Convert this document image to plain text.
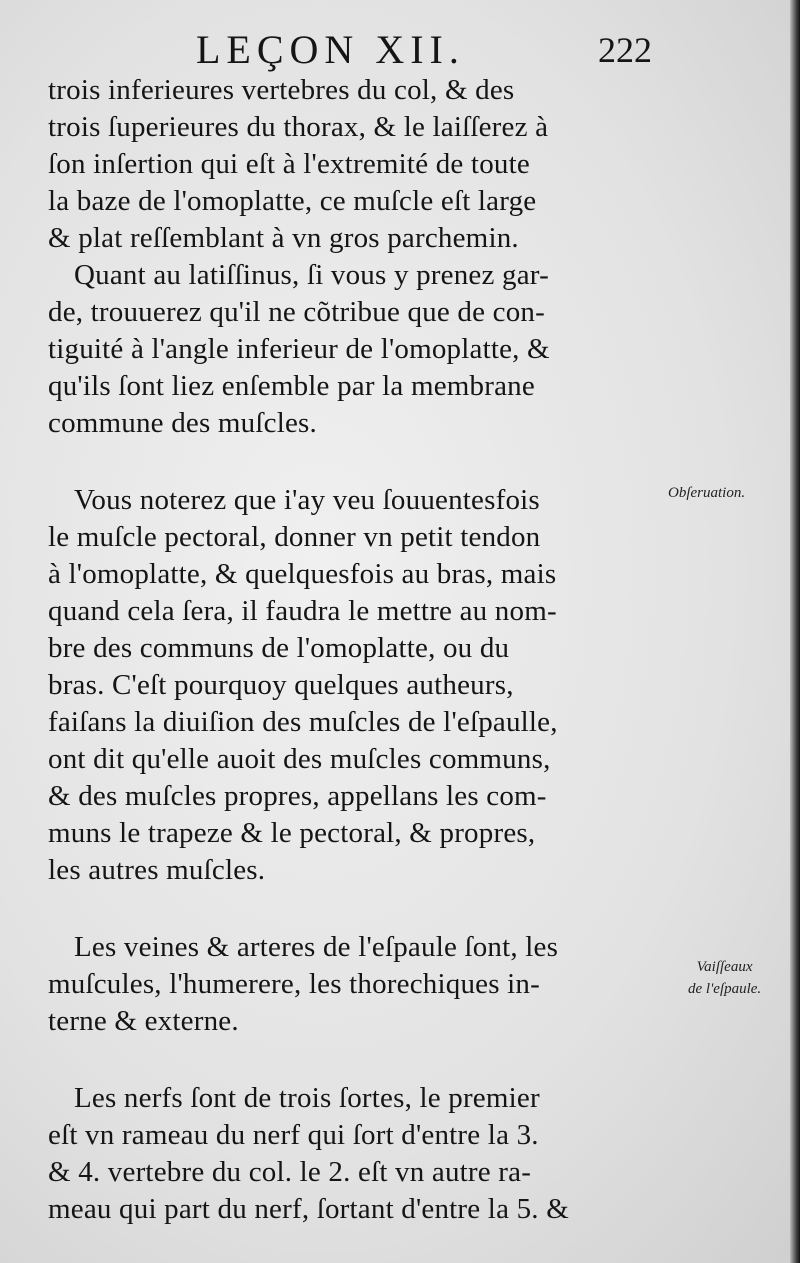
LEÇON XII.	222
trois inferieures vertebres du col, & des
trois ſuperieures du thorax, & le laiſſerez à
ſon inſertion qui eſt à l'extremité de toute
la baze de l'omoplatte, ce muſcle eſt large
& plat reſſemblant à vn gros parchemin.
Quant au latiſſinus, ſi vous y prenez gar-
de, trouuerez qu'il ne cõtribue que de con-
tiguité à l'angle inferieur de l'omoplatte, &
qu'ils ſont liez enſemble par la membrane
commune des muſcles.
Vous noterez que i'ay veu ſouuentesfois
le muſcle pectoral, donner vn petit tendon
à l'omoplatte, & quelquesfois au bras, mais
quand cela ſera, il faudra le mettre au nom-
bre des communs de l'omoplatte, ou du
bras. C'eſt pourquoy quelques autheurs,
faiſans la diuiſion des muſcles de l'eſpaulle,
ont dit qu'elle auoit des muſcles communs,
& des muſcles propres, appellans les com-
muns le trapeze & le pectoral, & propres,
les autres muſcles.
Les veines & arteres de l'eſpaule ſont, les
muſcules, l'humerere, les thorechiques in-
terne & externe.
Les nerfs ſont de trois ſortes, le premier
eſt vn rameau du nerf qui ſort d'entre la 3.
& 4. vertebre du col. le 2. eſt vn autre ra-
meau qui part du nerf, ſortant d'entre la 5. &
Obſeruation.
Vaiſſeaux
de l'eſpaule.
